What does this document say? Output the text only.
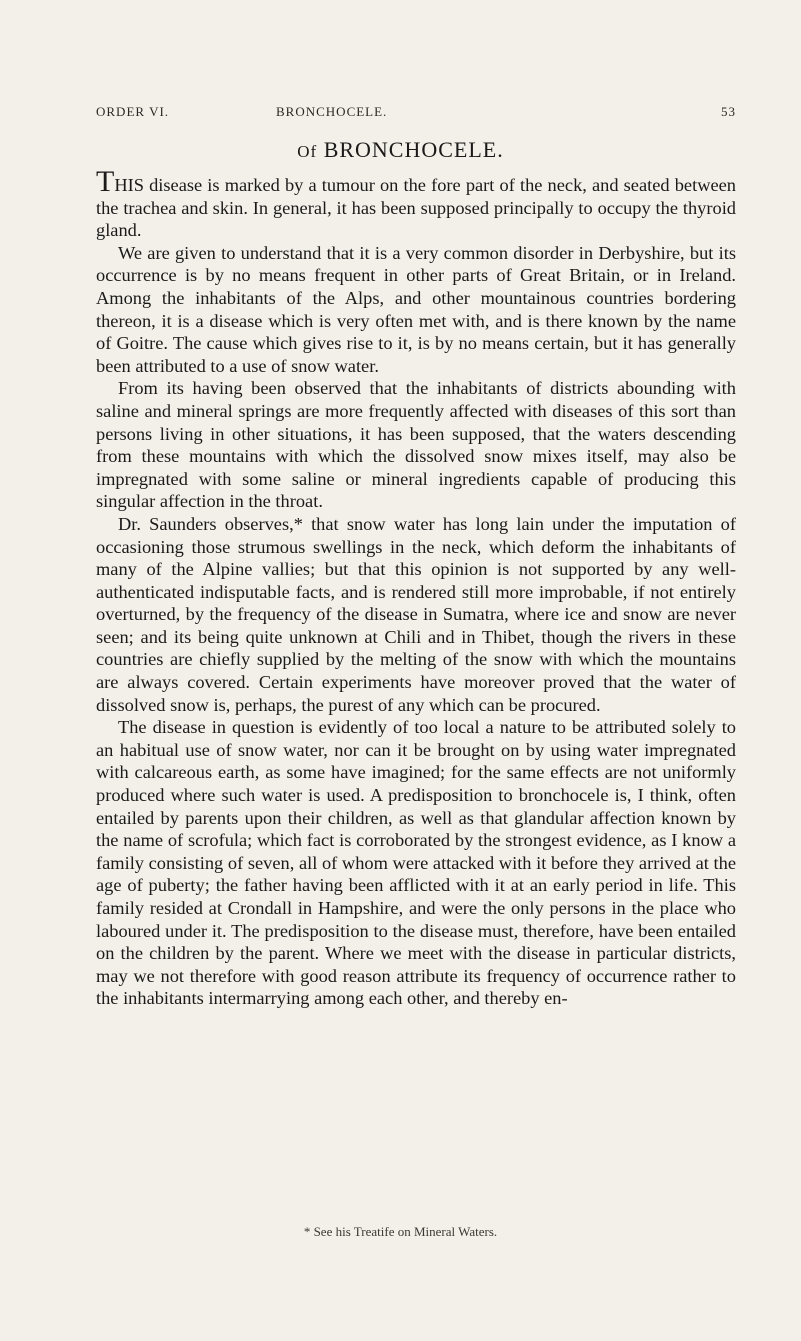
ORDER VI.	BRONCHOCELE.	53
Of BRONCHOCELE.

THIS disease is marked by a tumour on the fore part of the neck, and seated between the trachea and skin. In general, it has been supposed principally to occupy the thyroid gland.

We are given to understand that it is a very common disorder in Derbyshire, but its occurrence is by no means frequent in other parts of Great Britain, or in Ireland. Among the inhabitants of the Alps, and other mountainous countries bordering thereon, it is a disease which is very often met with, and is there known by the name of Goitre. The cause which gives rise to it, is by no means certain, but it has generally been attributed to a use of snow water.

From its having been observed that the inhabitants of districts abounding with saline and mineral springs are more frequently affected with diseases of this sort than persons living in other situations, it has been supposed, that the waters descending from these mountains with which the dissolved snow mixes itself, may also be impregnated with some saline or mineral ingredients capable of producing this singular affection in the throat.

Dr. Saunders observes,* that snow water has long lain under the imputation of occasioning those strumous swellings in the neck, which deform the inhabitants of many of the Alpine vallies; but that this opinion is not supported by any well-authenticated indisputable facts, and is rendered still more improbable, if not entirely overturned, by the frequency of the disease in Sumatra, where ice and snow are never seen; and its being quite unknown at Chili and in Thibet, though the rivers in these countries are chiefly supplied by the melting of the snow with which the mountains are always covered. Certain experiments have moreover proved that the water of dissolved snow is, perhaps, the purest of any which can be procured.

The disease in question is evidently of too local a nature to be attributed solely to an habitual use of snow water, nor can it be brought on by using water impregnated with calcareous earth, as some have imagined; for the same effects are not uniformly produced where such water is used. A predisposition to bronchocele is, I think, often entailed by parents upon their children, as well as that glandular affection known by the name of scrofula; which fact is corroborated by the strongest evidence, as I know a family consisting of seven, all of whom were attacked with it before they arrived at the age of puberty; the father having been afflicted with it at an early period in life. This family resided at Crondall in Hampshire, and were the only persons in the place who laboured under it. The predisposition to the disease must, therefore, have been entailed on the children by the parent. Where we meet with the disease in particular districts, may we not therefore with good reason attribute its frequency of occurrence rather to the inhabitants intermarrying among each other, and thereby en-

* See his Treatife on Mineral Waters.
